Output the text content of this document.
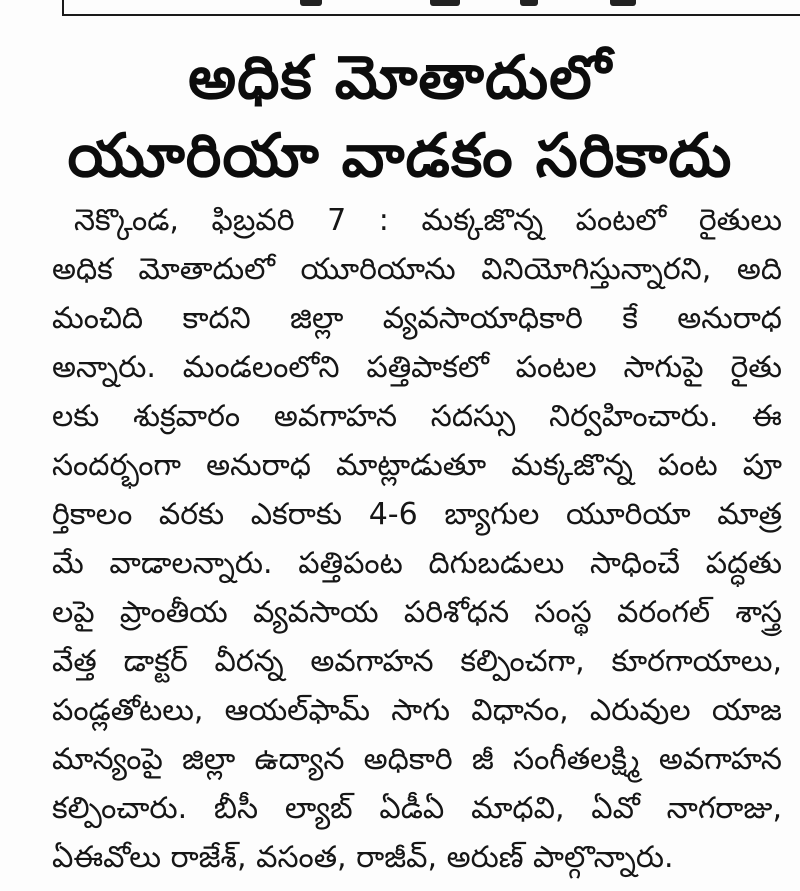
అధిక మోతాదులో
యూరియా వాడకం సరికాదు
నెక్కొండ, ఫిబ్రవరి 7 : మక్కజొన్న పంటలో రైతులు
అధిక మోతాదులో యూరియాను వినియోగిస్తున్నారని, అది
మంచిది కాదని జిల్లా వ్యవసాయాధికారి కే అనురాధ
అన్నారు. మండలంలోని పత్తిపాకలో పంటల సాగుపై రైతు
లకు శుక్రవారం అవగాహన సదస్సు నిర్వహించారు. ఈ
సందర్భంగా అనురాధ మాట్లాడుతూ మక్కజొన్న పంట పూ
ర్తికాలం వరకు ఎకరాకు 4-6 బ్యాగుల యూరియా మాత్ర
మే వాడాలన్నారు. పత్తిపంట దిగుబడులు సాధించే పద్ధతు
లపై ప్రాంతీయ వ్యవసాయ పరిశోధన సంస్థ వరంగల్ శాస్త్ర
వేత్త డాక్టర్ వీరన్న అవగాహన కల్పించగా, కూరగాయాలు,
పండ్లతోటలు, ఆయల్‌ఫామ్ సాగు విధానం, ఎరువుల యాజ
మాన్యంపై జిల్లా ఉద్యాన అధికారి జీ సంగీతలక్ష్మి అవగాహన
కల్పించారు. బీసీ ల్యాబ్ ఏడీఏ మాధవి, ఏవో నాగరాజు,
ఏఈవోలు రాజేశ్, వసంత, రాజీవ్, అరుణ్ పాల్గొన్నారు.
